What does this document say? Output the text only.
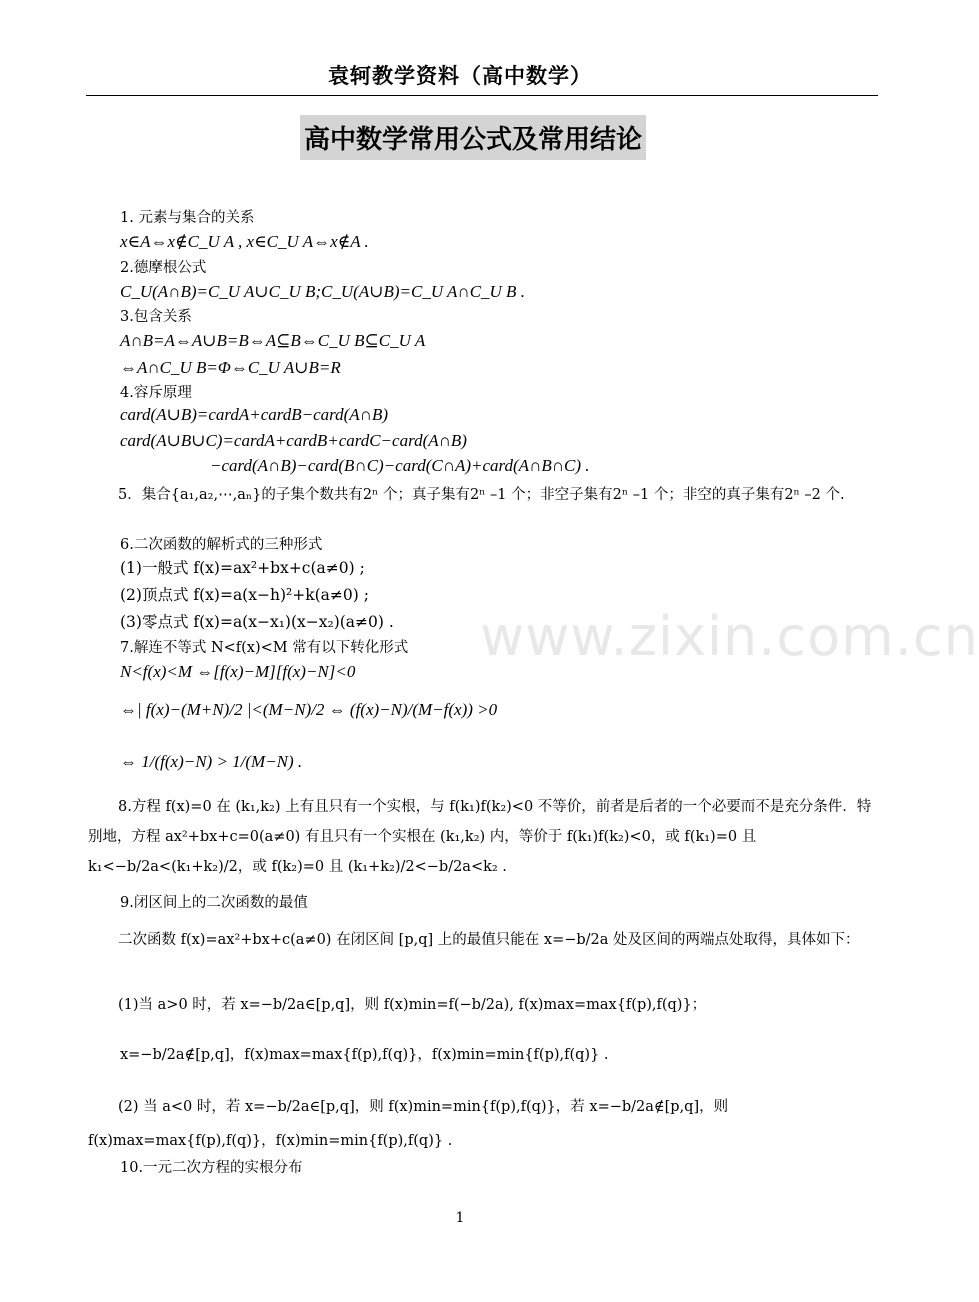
袁轲教学资料（高中数学）
高中数学常用公式及常用结论
www.zixin.com.cn
1. 元素与集合的关系
x∈A⇔x∉C_U A , x∈C_U A⇔x∉A .
2.德摩根公式
C_U(A∩B)=C_U A∪C_U B;C_U(A∪B)=C_U A∩C_U B .
3.包含关系
A∩B=A⇔A∪B=B⇔A⊆B⇔C_U B⊆C_U A
⇔A∩C_U B=Φ⇔C_U A∪B=R
4.容斥原理
card(A∪B)=cardA+cardB−card(A∩B)
card(A∪B∪C)=cardA+cardB+cardC−card(A∩B)
−card(A∩B)−card(B∩C)−card(C∩A)+card(A∩B∩C) .
5．集合{a₁,a₂,⋯,aₙ}的子集个数共有2ⁿ 个；真子集有2ⁿ –1 个；非空子集有2ⁿ –1 个；非空的真子集有2ⁿ –2 个.
6.二次函数的解析式的三种形式
(1)一般式 f(x)=ax²+bx+c(a≠0) ;
(2)顶点式 f(x)=a(x−h)²+k(a≠0) ;
(3)零点式 f(x)=a(x−x₁)(x−x₂)(a≠0) .
7.解连不等式 N<f(x)<M 常有以下转化形式
N<f(x)<M ⇔[f(x)−M][f(x)−N]<0
⇔| f(x)−(M+N)/2 |<(M−N)/2 ⇔ (f(x)−N)/(M−f(x)) >0
⇔ 1/(f(x)−N) > 1/(M−N) .
8.方程 f(x)=0 在 (k₁,k₂) 上有且只有一个实根，与 f(k₁)f(k₂)<0 不等价，前者是后者的一个必要而不是充分条件．特别地，方程 ax²+bx+c=0(a≠0) 有且只有一个实根在 (k₁,k₂) 内，等价于 f(k₁)f(k₂)<0，或 f(k₁)=0 且 k₁<−b/2a<(k₁+k₂)/2，或 f(k₂)=0 且 (k₁+k₂)/2<−b/2a<k₂ .
9.闭区间上的二次函数的最值
二次函数 f(x)=ax²+bx+c(a≠0) 在闭区间 [p,q] 上的最值只能在 x=−b/2a 处及区间的两端点处取得，具体如下：
(1)当 a>0 时，若 x=−b/2a∈[p,q]，则 f(x)min=f(−b/2a), f(x)max=max{f(p),f(q)}；
x=−b/2a∉[p,q]，f(x)max=max{f(p),f(q)}，f(x)min=min{f(p),f(q)} .
(2) 当 a<0 时，若 x=−b/2a∈[p,q]，则 f(x)min=min{f(p),f(q)}，若 x=−b/2a∉[p,q]，则 f(x)max=max{f(p),f(q)}，f(x)min=min{f(p),f(q)} .
10.一元二次方程的实根分布
1
